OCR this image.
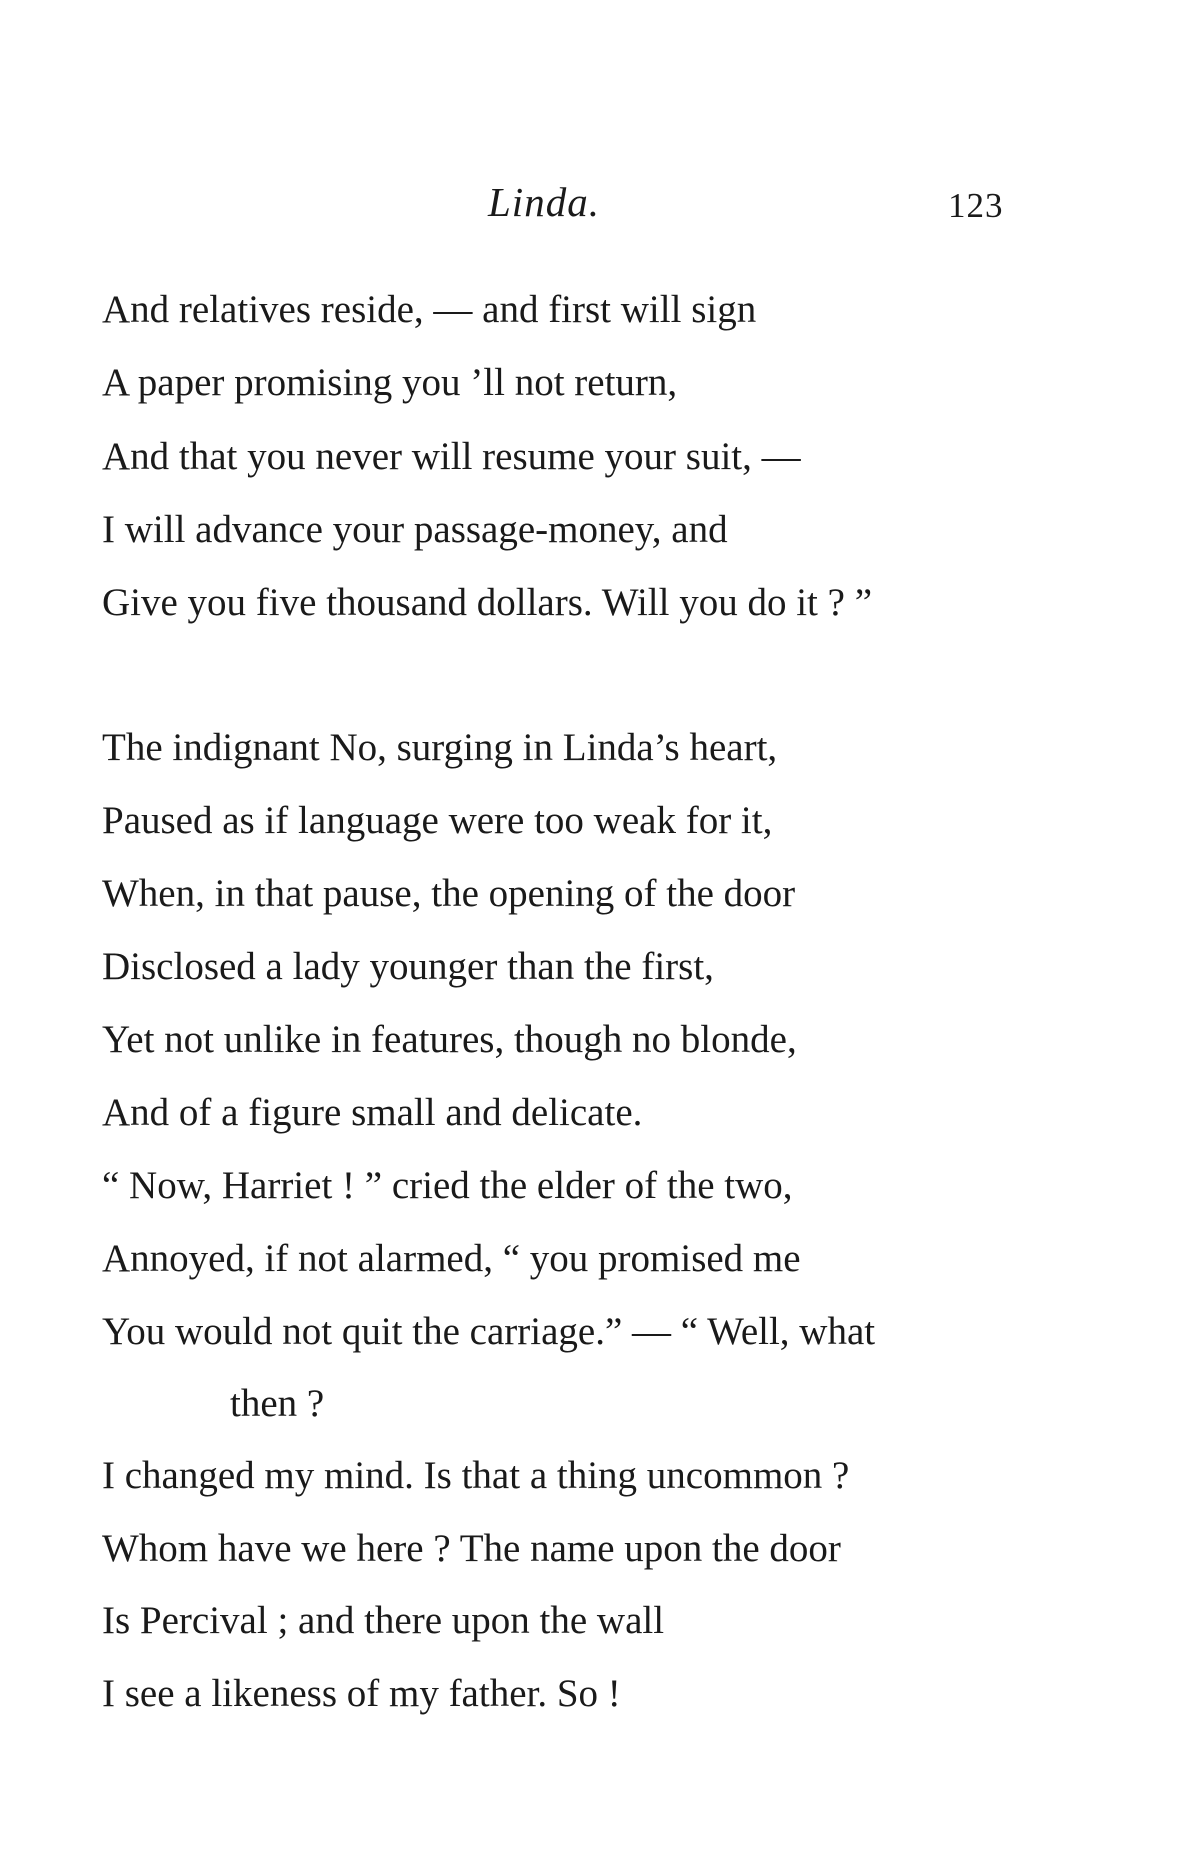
Linda.	123
And relatives reside, — and first will sign
A paper promising you ’ll not return,
And that you never will resume your suit, —
I will advance your passage-money, and
Give you five thousand dollars. Will you do it ? ”
The indignant No, surging in Linda’s heart,
Paused as if language were too weak for it,
When, in that pause, the opening of the door
Disclosed a lady younger than the first,
Yet not unlike in features, though no blonde,
And of a figure small and delicate.
“ Now, Harriet ! ” cried the elder of the two,
Annoyed, if not alarmed, “ you promised me
You would not quit the carriage.” — “ Well, what
then ?
I changed my mind. Is that a thing uncommon ?
Whom have we here ? The name upon the door
Is Percival ; and there upon the wall
I see a likeness of my father. So !
